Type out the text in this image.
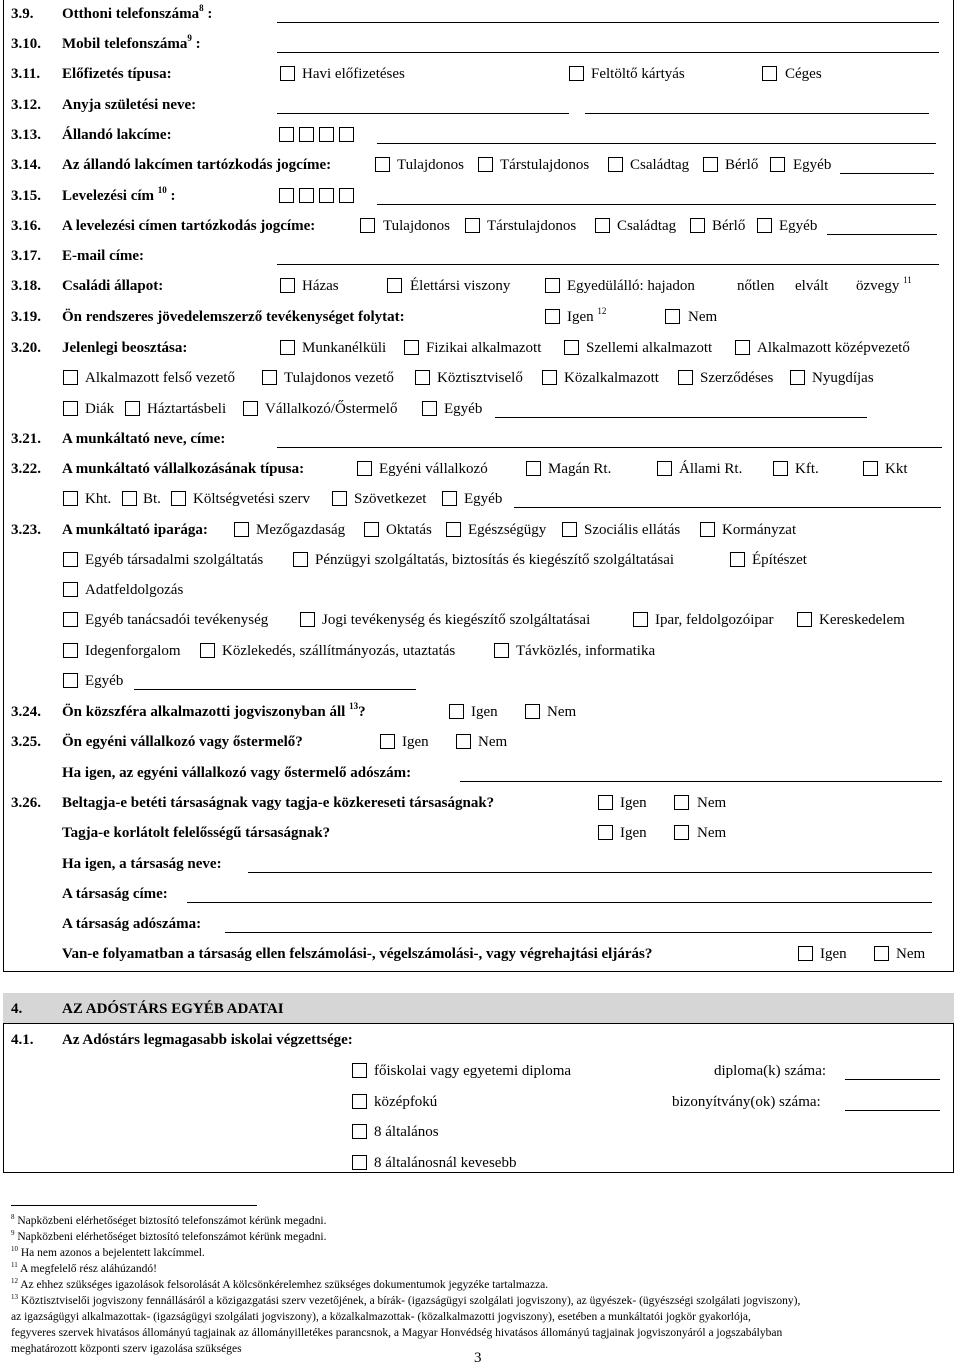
3.9. Otthoni telefonszáma$^8$ :
3.10. Mobil telefonszáma$^9$ :
3.11. Előfizetés típusa:	Havi előfizetéses	Feltöltő kártyás	Céges
3.12. Anyja születési neve:
3.13. Állandó lakcíme:
3.14. Az állandó lakcímen tartózkodás jogcíme:	Tulajdonos Társtulajdonos	Családtag Bérlő Egyéb
3.15. Levelezési cím $^{10}$ :
3.16. A levelezési címen tartózkodás jogcíme:	Tulajdonos Társtulajdonos	Családtag Bérlő Egyéb
3.17. E-mail címe:
3.18. Családi állapot:	Házas	Élettársi viszony	Egyedülálló: hajadon	nőtlen elvált özvegy $^{11}$
3.19. Ön rendszeres jövedelemszerző tevékenységet folytat:	Igen $^{12}$	Nem
3.20. Jelenlegi beosztása:	Munkanélküli	Fizikai alkalmazott	Szellemi alkalmazott	Alkalmazott középvezető
Alkalmazott felső vezető	Tulajdonos vezető	Köztisztviselő	Közalkalmazott	Szerződéses	Nyugdíjas
Diák Háztartásbeli	Vállalkozó/Őstermelő	Egyéb
3.21. A munkáltató neve, címe:
3.22. A munkáltató vállalkozásának típusa:	Egyéni vállalkozó	Magán Rt.	Állami Rt.	Kft.	Kkt
Kht. Bt. Költségvetési szerv	Szövetkezet	Egyéb
3.23. A munkáltató iparága:	Mezőgazdaság	Oktatás Egészségügy	Szociális ellátás	Kormányzat
Egyéb társadalmi szolgáltatás	Pénzügyi szolgáltatás, biztosítás és kiegészítő szolgáltatásai	Építészet
Adatfeldolgozás
Egyéb tanácsadói tevékenység	Jogi tevékenység és kiegészítő szolgáltatásai	Ipar, feldolgozóipar	Kereskedelem
Idegenforgalom	Közlekedés, szállítmányozás, utaztatás	Távközlés, informatika
Egyéb
3.24. Ön közszféra alkalmazotti jogviszonyban áll $^{13}$?	Igen	Nem
3.25. Ön egyéni vállalkozó vagy őstermelő?	Igen	Nem
Ha igen, az egyéni vállalkozó vagy őstermelő adószám:
3.26. Beltagja-e betéti társaságnak vagy tagja-e közkereseti társaságnak?	Igen	Nem
Tagja-e korlátolt felelősségű társaságnak?	Igen	Nem
Ha igen, a társaság neve:
A társaság címe:
A társaság adószáma:
Van-e folyamatban a társaság ellen felszámolási-, végelszámolási-, vagy végrehajtási eljárás?	Igen	Nem
4.	AZ ADÓSTÁRS EGYÉB ADATAI
4.1. Az Adóstárs legmagasabb iskolai végzettsége:
főiskolai vagy egyetemi diploma	diploma(k) száma:
középfokú	bizonyítvány(ok) száma:
8 általános
8 általánosnál kevesebb
$^8$ Napközbeni elérhetőséget biztosító telefonszámot kérünk megadni.
$^9$ Napközbeni elérhetőséget biztosító telefonszámot kérünk megadni.
$^{10}$ Ha nem azonos a bejelentett lakcímmel.
$^{11}$ A megfelelő rész aláhúzandó!
$^{12}$ Az ehhez szükséges igazolások felsorolását A kölcsönkérelemhez szükséges dokumentumok jegyzéke tartalmazza.
$^{13}$ Köztisztviselői jogviszony fennállásáról a közigazgatási szerv vezetőjének, a bírák- (igazságügyi szolgálati jogviszony), az ügyészek- (ügyészségi szolgálati jogviszony),
az igazságügyi alkalmazottak- (igazságügyi szolgálati jogviszony), a közalkalmazottak- (közalkalmazotti jogviszony), esetében a munkáltatói jogkör gyakorlója,
fegyveres szervek hivatásos állományú tagjainak az állományilletékes parancsnok, a Magyar Honvédség hivatásos állományú tagjainak jogviszonyáról a jogszabályban
meghatározott központi szerv igazolása szükséges
3
